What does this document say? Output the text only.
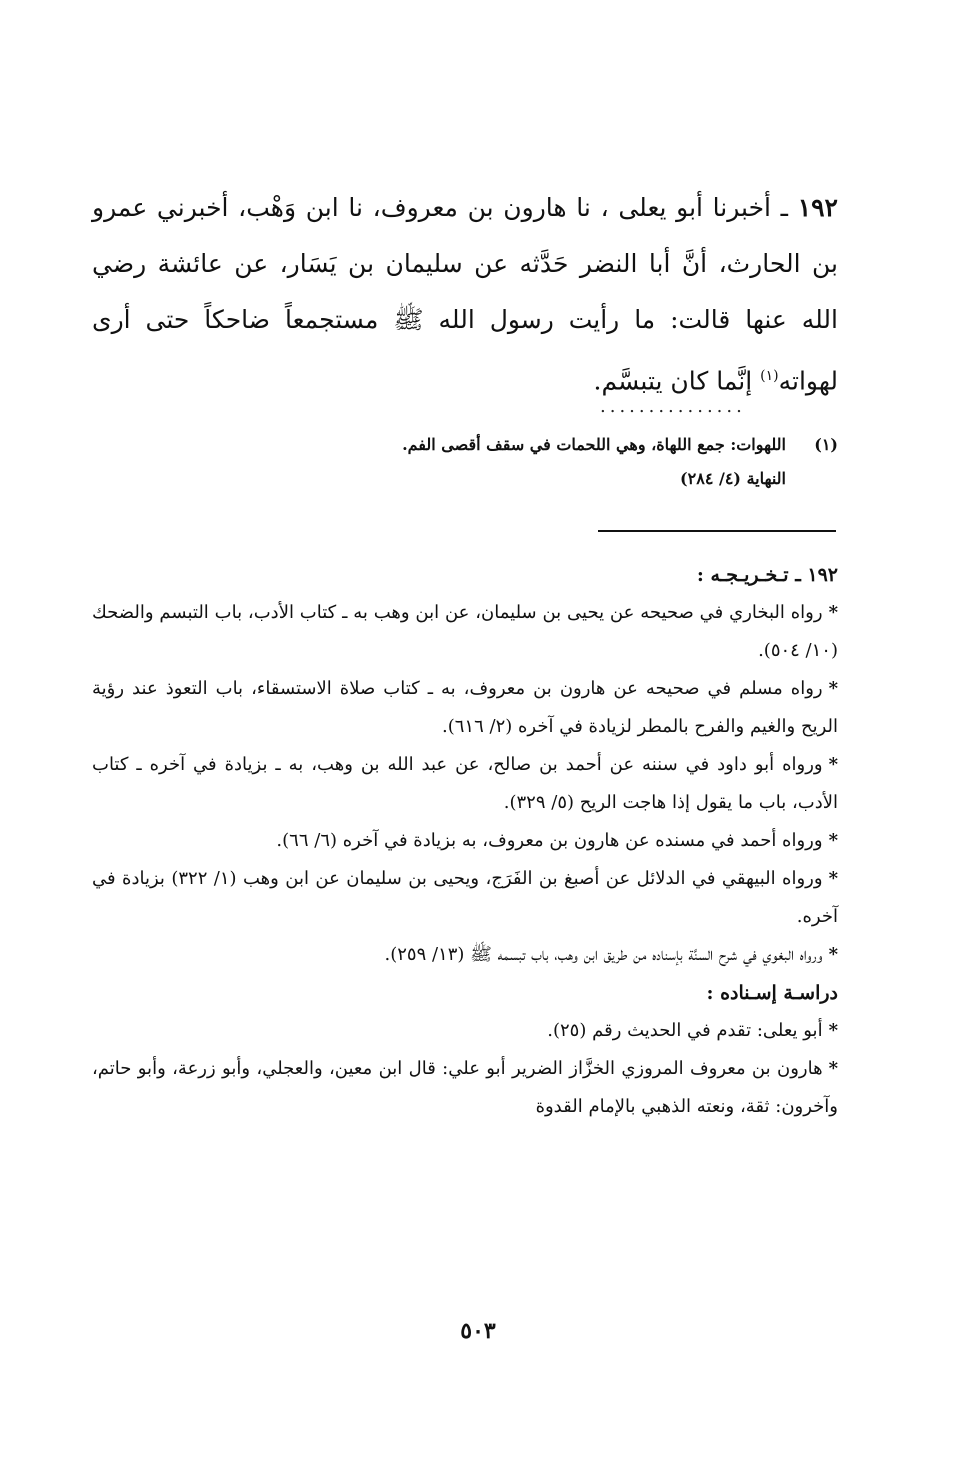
١٩٢ ـ أخبرنا أبو يعلى ، نا هارون بن معروف، نا ابن وَهْب، أخبرني عمرو بن الحارث، أنَّ أبا النضر حَدَّثه عن سليمان بن يَسَار، عن عائشة رضي الله عنها قالت: ما رأيت رسول الله ﷺ مستجمعاً ضاحكاً حتى أرى لهواته$^{(١)}$ إنَّما كان يتبسَّم.
...............
(١)اللهوات: جمع اللهاة، وهي اللحمات في سقف أقصى الفم.
النهاية (٤/ ٢٨٤)
١٩٢ ـ تـخـريـجـه :

*رواه البخاري في صحيحه عن يحيى بن سليمان، عن ابن وهب به ـ كتاب الأدب، باب التبسم والضحك (١٠/ ٥٠٤).

*رواه مسلم في صحيحه عن هارون بن معروف، به ـ كتاب صلاة الاستسقاء، باب التعوذ عند رؤية الريح والغيم والفرح بالمطر لزيادة في آخره (٢/ ٦١٦).

*ورواه أبو داود في سننه عن أحمد بن صالح، عن عبد الله بن وهب، به ـ بزيادة في آخره ـ كتاب الأدب، باب ما يقول إذا هاجت الريح (٥/ ٣٢٩).

*ورواه أحمد في مسنده عن هارون بن معروف، به بزيادة في آخره (٦/ ٦٦).

*ورواه البيهقي في الدلائل عن أصبغ بن الفَرَج، ويحيى بن سليمان عن ابن وهب (١/ ٣٢٢) بزيادة في آخره.

*ورواه البغوي في شرح السنَّة بإسناده من طريق ابن وهب، باب تبسمه ﷺ (١٣/ ٢٥٩).

دراسـة إسـناده :

*أبو يعلى: تقدم في الحديث رقم (٢٥).

*هارون بن معروف المروزي الخزَّاز الضرير أبو علي: قال ابن معين، والعجلي، وأبو زرعة، وأبو حاتم، وآخرون: ثقة، ونعته الذهبي بالإمام القدوة

٥٠٣
